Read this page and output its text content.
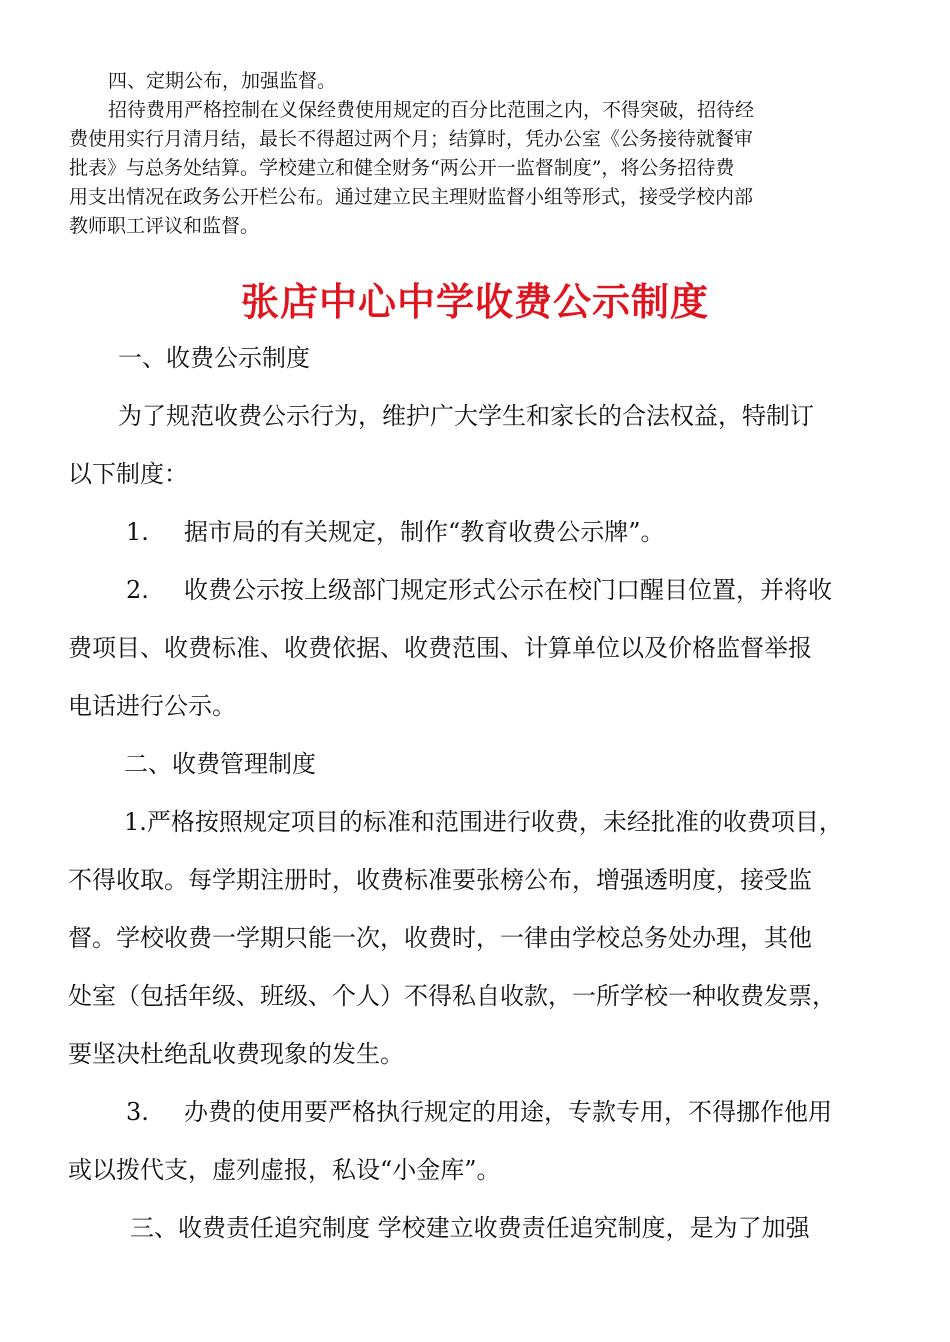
四、定期公布，加强监督。
招待费用严格控制在义保经费使用规定的百分比范围之内，不得突破，招待经
费使用实行月清月结，最长不得超过两个月；结算时，凭办公室《公务接待就餐审
批表》与总务处结算。学校建立和健全财务“两公开一监督制度”，将公务招待费
用支出情况在政务公开栏公布。通过建立民主理财监督小组等形式，接受学校内部
教师职工评议和监督。
张店中心中学收费公示制度
一、收费公示制度
为了规范收费公示行为，维护广大学生和家长的合法权益，特制订
以下制度：
1. 据市局的有关规定，制作“教育收费公示牌”。
2. 收费公示按上级部门规定形式公示在校门口醒目位置，并将收
费项目、收费标准、收费依据、收费范围、计算单位以及价格监督举报
电话进行公示。
二、收费管理制度
1.严格按照规定项目的标准和范围进行收费，未经批准的收费项目，
不得收取。每学期注册时，收费标准要张榜公布，增强透明度，接受监
督。学校收费一学期只能一次，收费时，一律由学校总务处办理，其他
处室（包括年级、班级、个人）不得私自收款，一所学校一种收费发票，
要坚决杜绝乱收费现象的发生。
3. 办费的使用要严格执行规定的用途，专款专用，不得挪作他用
或以拨代支，虚列虚报，私设“小金库”。
三、收费责任追究制度 学校建立收费责任追究制度，是为了加强
